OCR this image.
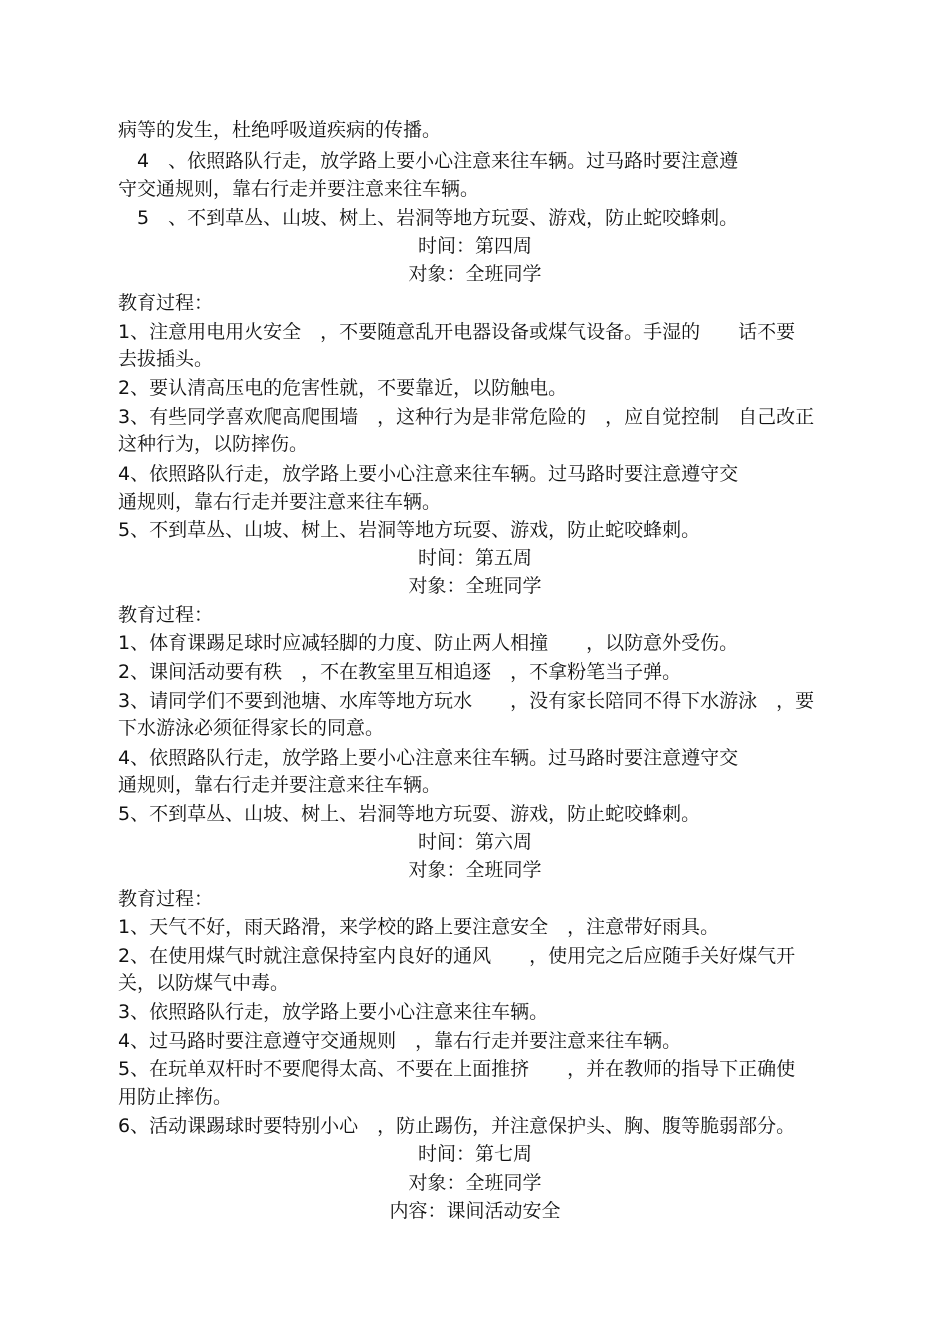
病等的发生，杜绝呼吸道疾病的传播。
　4　、依照路队行走，放学路上要小心注意来往车辆。过马路时要注意遵
守交通规则，靠右行走并要注意来往车辆。
　5　、不到草丛、山坡、树上、岩洞等地方玩耍、游戏，防止蛇咬蜂刺。
时间：第四周
对象：全班同学
教育过程：
1、注意用电用火安全　，不要随意乱开电器设备或煤气设备。手湿的　　话不要
去拔插头。
2、要认清高压电的危害性就，不要靠近，以防触电。
3、有些同学喜欢爬高爬围墙　，这种行为是非常危险的　，应自觉控制　自己改正
这种行为，以防摔伤。
4、依照路队行走，放学路上要小心注意来往车辆。过马路时要注意遵守交
通规则，靠右行走并要注意来往车辆。
5、不到草丛、山坡、树上、岩洞等地方玩耍、游戏，防止蛇咬蜂刺。
时间：第五周
对象：全班同学
教育过程：
1、体育课踢足球时应减轻脚的力度、防止两人相撞　　，以防意外受伤。
2、课间活动要有秩　，不在教室里互相追逐　，不拿粉笔当子弹。
3、请同学们不要到池塘、水库等地方玩水　　，没有家长陪同不得下水游泳　，要
下水游泳必须征得家长的同意。
4、依照路队行走，放学路上要小心注意来往车辆。过马路时要注意遵守交
通规则，靠右行走并要注意来往车辆。
5、不到草丛、山坡、树上、岩洞等地方玩耍、游戏，防止蛇咬蜂刺。
时间：第六周
对象：全班同学
教育过程：
1、天气不好，雨天路滑，来学校的路上要注意安全　，注意带好雨具。
2、在使用煤气时就注意保持室内良好的通风　　，使用完之后应随手关好煤气开
关，以防煤气中毒。
3、依照路队行走，放学路上要小心注意来往车辆。
4、过马路时要注意遵守交通规则　，靠右行走并要注意来往车辆。
5、在玩单双杆时不要爬得太高、不要在上面推挤　　，并在教师的指导下正确使
用防止摔伤。
6、活动课踢球时要特别小心　，防止踢伤，并注意保护头、胸、腹等脆弱部分。
时间：第七周
对象：全班同学
内容：课间活动安全
